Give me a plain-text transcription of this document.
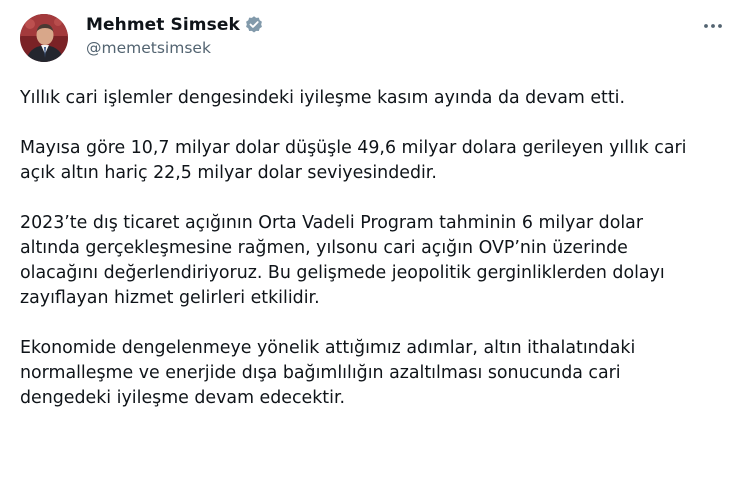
Mehmet Simsek
@memetsimsek

Yıllık cari işlemler dengesindeki iyileşme kasım ayında da devam etti.

Mayısa göre 10,7 milyar dolar düşüşle 49,6 milyar dolara gerileyen yıllık cari
açık altın hariç 22,5 milyar dolar seviyesindedir.

2023’te dış ticaret açığının Orta Vadeli Program tahminin 6 milyar dolar
altında gerçekleşmesine rağmen, yılsonu cari açığın OVP’nin üzerinde
olacağını değerlendiriyoruz. Bu gelişmede jeopolitik gerginliklerden dolayı
zayıflayan hizmet gelirleri etkilidir.

Ekonomide dengelenmeye yönelik attığımız adımlar, altın ithalatındaki
normalleşme ve enerjide dışa bağımlılığın azaltılması sonucunda cari
dengedeki iyileşme devam edecektir.
